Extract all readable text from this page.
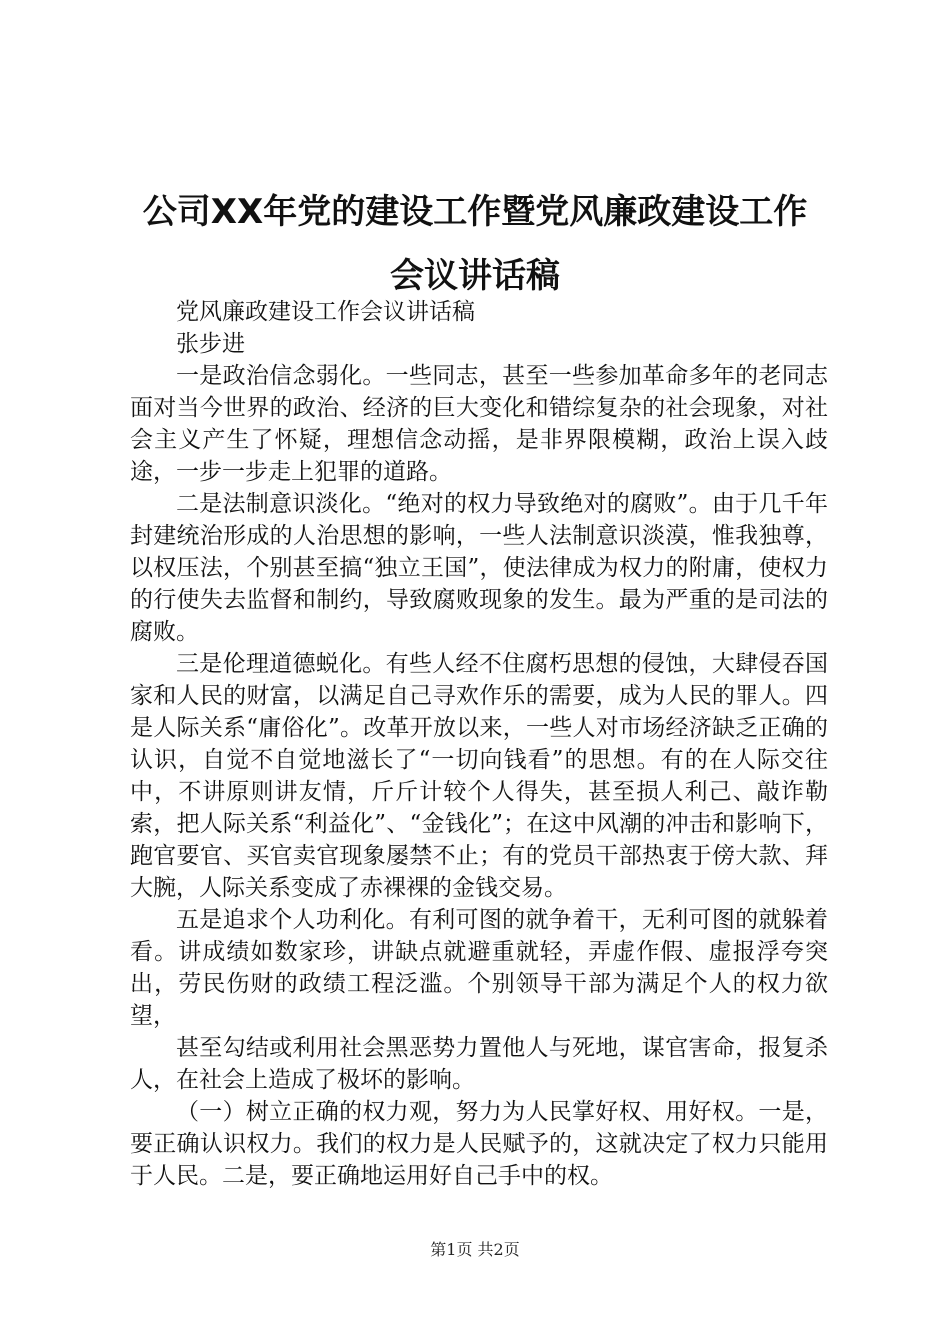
公司XX年党的建设工作暨党风廉政建设工作
会议讲话稿

党风廉政建设工作会议讲话稿

张步进

一是政治信念弱化。一些同志，甚至一些参加革命多年的老同志面对当今世界的政治、经济的巨大变化和错综复杂的社会现象，对社会主义产生了怀疑，理想信念动摇，是非界限模糊，政治上误入歧途，一步一步走上犯罪的道路。

二是法制意识淡化。“绝对的权力导致绝对的腐败”。由于几千年封建统治形成的人治思想的影响，一些人法制意识淡漠，惟我独尊，以权压法，个别甚至搞“独立王国”，使法律成为权力的附庸，使权力的行使失去监督和制约，导致腐败现象的发生。最为严重的是司法的腐败。

三是伦理道德蜕化。有些人经不住腐朽思想的侵蚀，大肆侵吞国家和人民的财富，以满足自己寻欢作乐的需要，成为人民的罪人。四是人际关系“庸俗化”。改革开放以来，一些人对市场经济缺乏正确的认识，自觉不自觉地滋长了“一切向钱看”的思想。有的在人际交往中，不讲原则讲友情，斤斤计较个人得失，甚至损人利己、敲诈勒索，把人际关系“利益化”、“金钱化”；在这中风潮的冲击和影响下，跑官要官、买官卖官现象屡禁不止；有的党员干部热衷于傍大款、拜大腕，人际关系变成了赤裸裸的金钱交易。

五是追求个人功利化。有利可图的就争着干，无利可图的就躲着看。讲成绩如数家珍，讲缺点就避重就轻，弄虚作假、虚报浮夸突出，劳民伤财的政绩工程泛滥。个别领导干部为满足个人的权力欲望，

甚至勾结或利用社会黑恶势力置他人与死地，谋官害命，报复杀人，在社会上造成了极坏的影响。

（一）树立正确的权力观，努力为人民掌好权、用好权。一是，要正确认识权力。我们的权力是人民赋予的，这就决定了权力只能用于人民。二是，要正确地运用好自己手中的权。

第1页 共2页
